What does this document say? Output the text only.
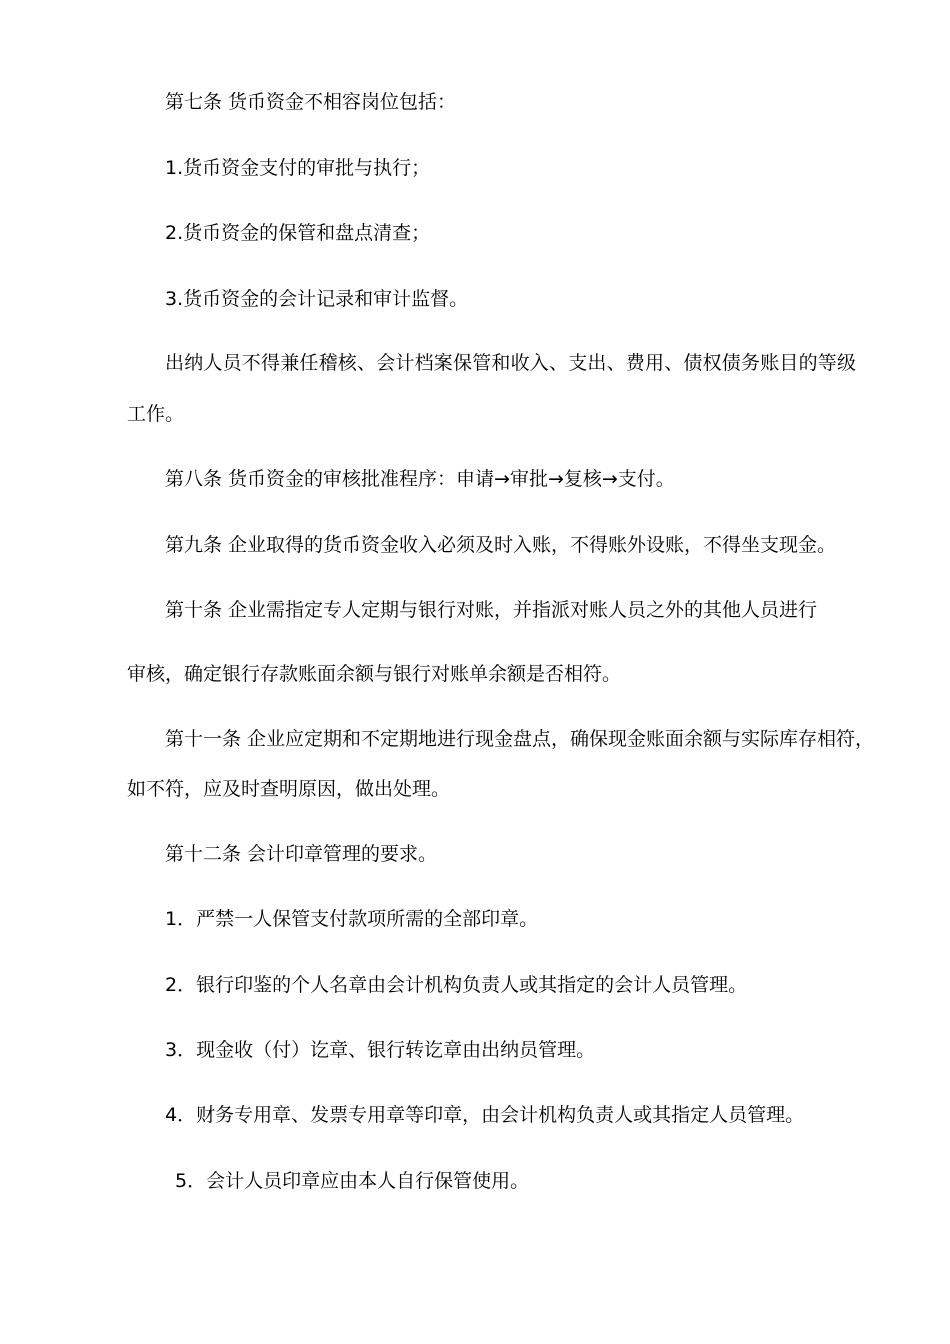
第七条 货币资金不相容岗位包括：
1.货币资金支付的审批与执行；
2.货币资金的保管和盘点清查；
3.货币资金的会计记录和审计监督。
出纳人员不得兼任稽核、会计档案保管和收入、支出、费用、债权债务账目的等级
工作。
第八条 货币资金的审核批准程序：申请→审批→复核→支付。
第九条 企业取得的货币资金收入必须及时入账，不得账外设账，不得坐支现金。
第十条 企业需指定专人定期与银行对账，并指派对账人员之外的其他人员进行
审核，确定银行存款账面余额与银行对账单余额是否相符。
第十一条 企业应定期和不定期地进行现金盘点，确保现金账面余额与实际库存相符，
如不符，应及时查明原因，做出处理。
第十二条 会计印章管理的要求。
1．严禁一人保管支付款项所需的全部印章。
2．银行印鉴的个人名章由会计机构负责人或其指定的会计人员管理。
3．现金收（付）讫章、银行转讫章由出纳员管理。
4．财务专用章、发票专用章等印章，由会计机构负责人或其指定人员管理。
5．会计人员印章应由本人自行保管使用。
